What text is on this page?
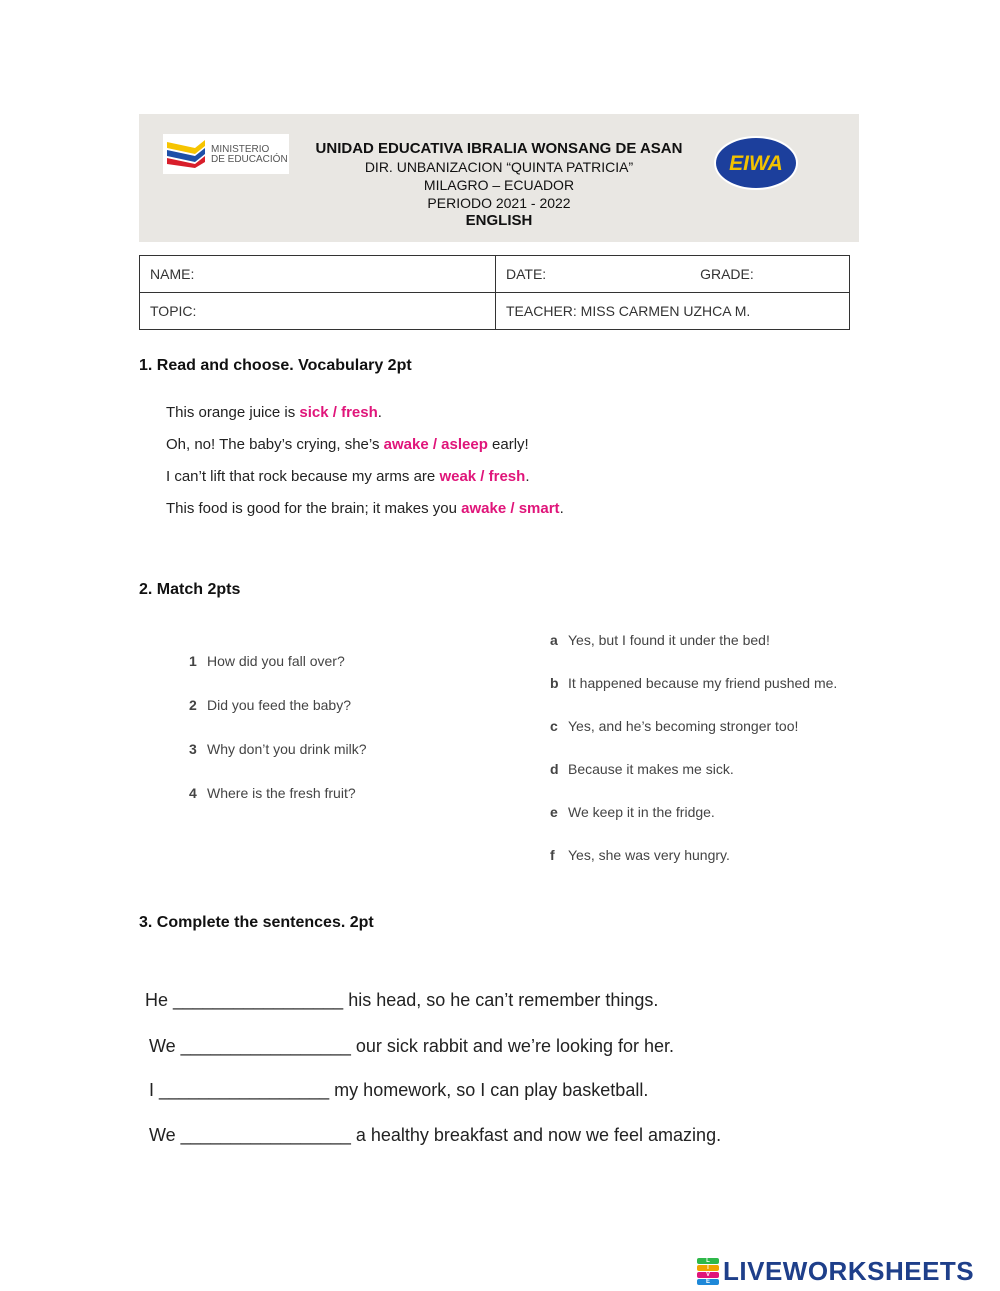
MINISTERIO
DE EDUCACIÓN
UNIDAD EDUCATIVA IBRALIA WONSANG DE ASAN
DIR. UNBANIZACION “QUINTA PATRICIA”
MILAGRO – ECUADOR
PERIODO 2021 - 2022
ENGLISH
EIWA
NAME:	DATE: GRADE:
TOPIC:	TEACHER: MISS CARMEN UZHCA M.
1. Read and choose. Vocabulary 2pt
This orange juice is sick / fresh.
Oh, no! The baby’s crying, she’s awake / asleep early!
I can’t lift that rock because my arms are weak / fresh.
This food is good for the brain; it makes you awake / smart.
2. Match 2pts
1 How did you fall over?
2 Did you feed the baby?
3 Why don’t you drink milk?
4 Where is the fresh fruit?
a Yes, but I found it under the bed!
b It happened because my friend pushed me.
c Yes, and he’s becoming stronger too!
d Because it makes me sick.
e We keep it in the fridge.
f Yes, she was very hungry.
3. Complete the sentences. 2pt
He _________________ his head, so he can’t remember things.
We _________________ our sick rabbit and we’re looking for her.
I _________________ my homework, so I can play basketball.
We _________________ a healthy breakfast and now we feel amazing.
L
I
V
E LIVEWORKSHEETS
